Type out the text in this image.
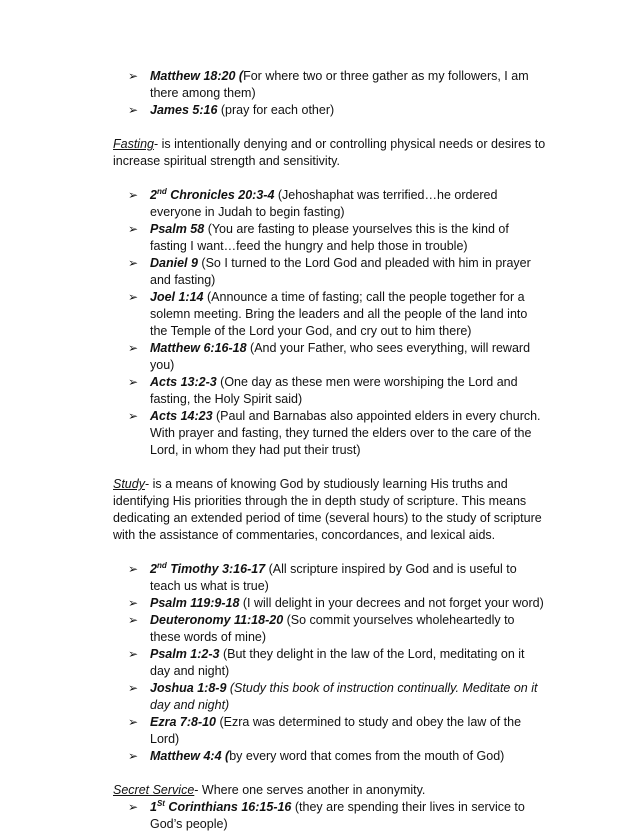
➢ Matthew 18:20 (For where two or three gather as my followers, I am there among them)
➢ James 5:16 (pray for each other)
Fasting- is intentionally denying and or controlling physical needs or desires to increase spiritual strength and sensitivity.
➢ 2nd Chronicles 20:3-4 (Jehoshaphat was terrified…he ordered everyone in Judah to begin fasting)
➢ Psalm 58 (You are fasting to please yourselves this is the kind of fasting I want…feed the hungry and help those in trouble)
➢ Daniel 9 (So I turned to the Lord God and pleaded with him in prayer and fasting)
➢ Joel 1:14 (Announce a time of fasting; call the people together for a solemn meeting. Bring the leaders and all the people of the land into the Temple of the Lord your God, and cry out to him there)
➢ Matthew 6:16-18 (And your Father, who sees everything, will reward you)
➢ Acts 13:2-3 (One day as these men were worshiping the Lord and fasting, the Holy Spirit said)
➢ Acts 14:23 (Paul and Barnabas also appointed elders in every church. With prayer and fasting, they turned the elders over to the care of the Lord, in whom they had put their trust)
Study- is a means of knowing God by studiously learning His truths and identifying His priorities through the in depth study of scripture. This means dedicating an extended period of time (several hours) to the study of scripture with the assistance of commentaries, concordances, and lexical aids.
➢ 2nd Timothy 3:16-17 (All scripture inspired by God and is useful to teach us what is true)
➢ Psalm 119:9-18 (I will delight in your decrees and not forget your word)
➢ Deuteronomy 11:18-20 (So commit yourselves wholeheartedly to these words of mine)
➢ Psalm 1:2-3 (But they delight in the law of the Lord, meditating on it day and night)
➢ Joshua 1:8-9 (Study this book of instruction continually. Meditate on it day and night)
➢ Ezra 7:8-10 (Ezra was determined to study and obey the law of the Lord)
➢ Matthew 4:4 (by every word that comes from the mouth of God)
Secret Service- Where one serves another in anonymity.
➢ 1St Corinthians 16:15-16 (they are spending their lives in service to God’s people)
